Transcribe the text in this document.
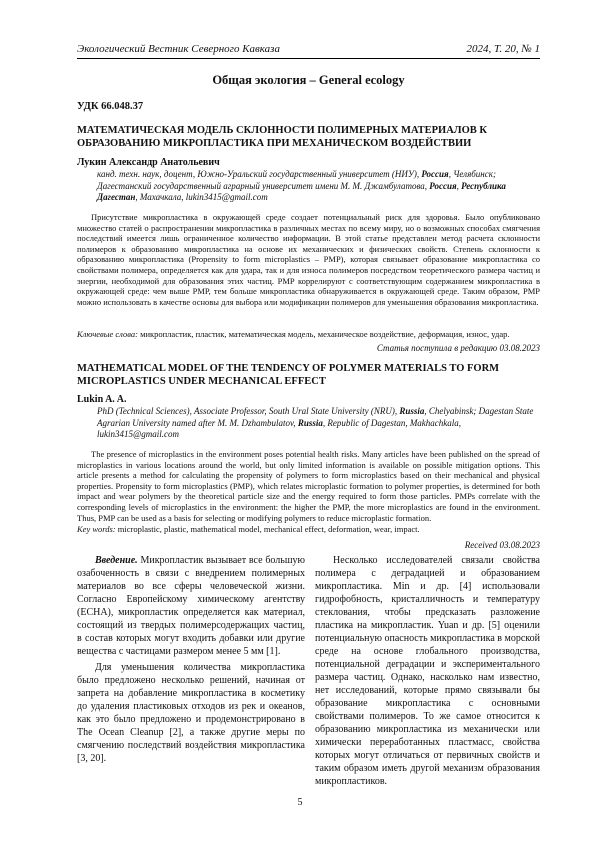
Экологический Вестник Северного Кавказа	2024, Т. 20, № 1
Общая экология – General ecology
УДК 66.048.37
МАТЕМАТИЧЕСКАЯ МОДЕЛЬ СКЛОННОСТИ ПОЛИМЕРНЫХ МАТЕРИАЛОВ К ОБРАЗОВАНИЮ МИКРОПЛАСТИКА ПРИ МЕХАНИЧЕСКОМ ВОЗДЕЙСТВИИ
Лукин Александр Анатольевич
канд. техн. наук, доцент, Южно-Уральский государственный университет (НИУ), Россия, Челябинск; Дагестанский государственный аграрный университет имени М. М. Джамбулатова, Россия, Республика Дагестан, Махачкала, lukin3415@gmail.com

Присутствие микропластика в окружающей среде создает потенциальный риск для здоровья. Было опубликовано множество статей о распространении микропластика в различных местах по всему миру, но о возможных способах смягчения последствий имеется лишь ограниченное количество информации. В этой статье представлен метод расчета склонности полимеров к образованию микропластика на основе их механических и физических свойств. Степень склонности к образованию микропластика (Propensity to form microplastics – PMP), которая связывает образование микропластика со свойствами полимера, определяется как для удара, так и для износа полимеров посредством теоретического размера частиц и энергии, необходимой для образования этих частиц. PMP коррелируют с соответствующим содержанием микропластика в окружающей среде: чем выше PMP, тем больше микропластика обнаруживается в окружающей среде. Таким образом, PMP можно использовать в качестве основы для выбора или модификации полимеров для уменьшения образования микропластика.

Ключевые слова: микропластик, пластик, математическая модель, механическое воздействие, деформация, износ, удар.
Статья поступила в редакцию 03.08.2023
MATHEMATICAL MODEL OF THE TENDENCY OF POLYMER MATERIALS TO FORM MICROPLASTICS UNDER MECHANICAL EFFECT
Lukin A. A.
PhD (Technical Sciences), Associate Professor, South Ural State University (NRU), Russia, Chelyabinsk; Dagestan State Agrarian University named after M. M. Dzhambulatov, Russia, Republic of Dagestan, Makhachkala, lukin3415@gmail.com

The presence of microplastics in the environment poses potential health risks. Many articles have been published on the spread of microplastics in various locations around the world, but only limited information is available on possible mitigation options. This article presents a method for calculating the propensity of polymers to form microplastics based on their mechanical and physical properties. Propensity to form microplastics (PMP), which relates microplastic formation to polymer properties, is determined for both impact and wear polymers by the theoretical particle size and the energy required to form those particles. PMPs correlate with the corresponding levels of microplastics in the environment: the higher the PMP, the more microplastics are found in the environment. Thus, PMP can be used as a basis for selecting or modifying polymers to reduce microplastic formation.

Key words: microplastic, plastic, mathematical model, mechanical effect, deformation, wear, impact.
Received 03.08.2023

Введение. Микропластик вызывает все большую озабоченность в связи с внедрением полимерных материалов во все сферы человеческой жизни. Согласно Европейскому химическому агентству (ECHA), микропластик определяется как материал, состоящий из твердых полимерсодержащих частиц, в состав которых могут входить добавки или другие вещества с частицами размером менее 5 мм [1].

Для уменьшения количества микропластика было предложено несколько решений, начиная от запрета на добавление микропластика в косметику до удаления пластиковых отходов из рек и океанов, как это было предложено и продемонстрировано в The Ocean Cleanup [2], а также другие меры по смягчению последствий воздействия микропластика [3, 20].

Несколько исследователей связали свойства полимера с деградацией и образованием микропластика. Min и др. [4] использовали гидрофобность, кристалличность и температуру стеклования, чтобы предсказать разложение пластика на микропластик. Yuan и др. [5] оценили потенциальную опасность микропластика в морской среде на основе глобального производства, потенциальной деградации и экспериментального размера частиц. Однако, насколько нам известно, нет исследований, которые прямо связывали бы образование микропластика с основными свойствами полимеров. То же самое относится к образованию микропластика из механически или химически переработанных пластмасс, свойства которых могут отличаться от первичных свойств и таким образом иметь другой механизм образования микропластиков.

5
